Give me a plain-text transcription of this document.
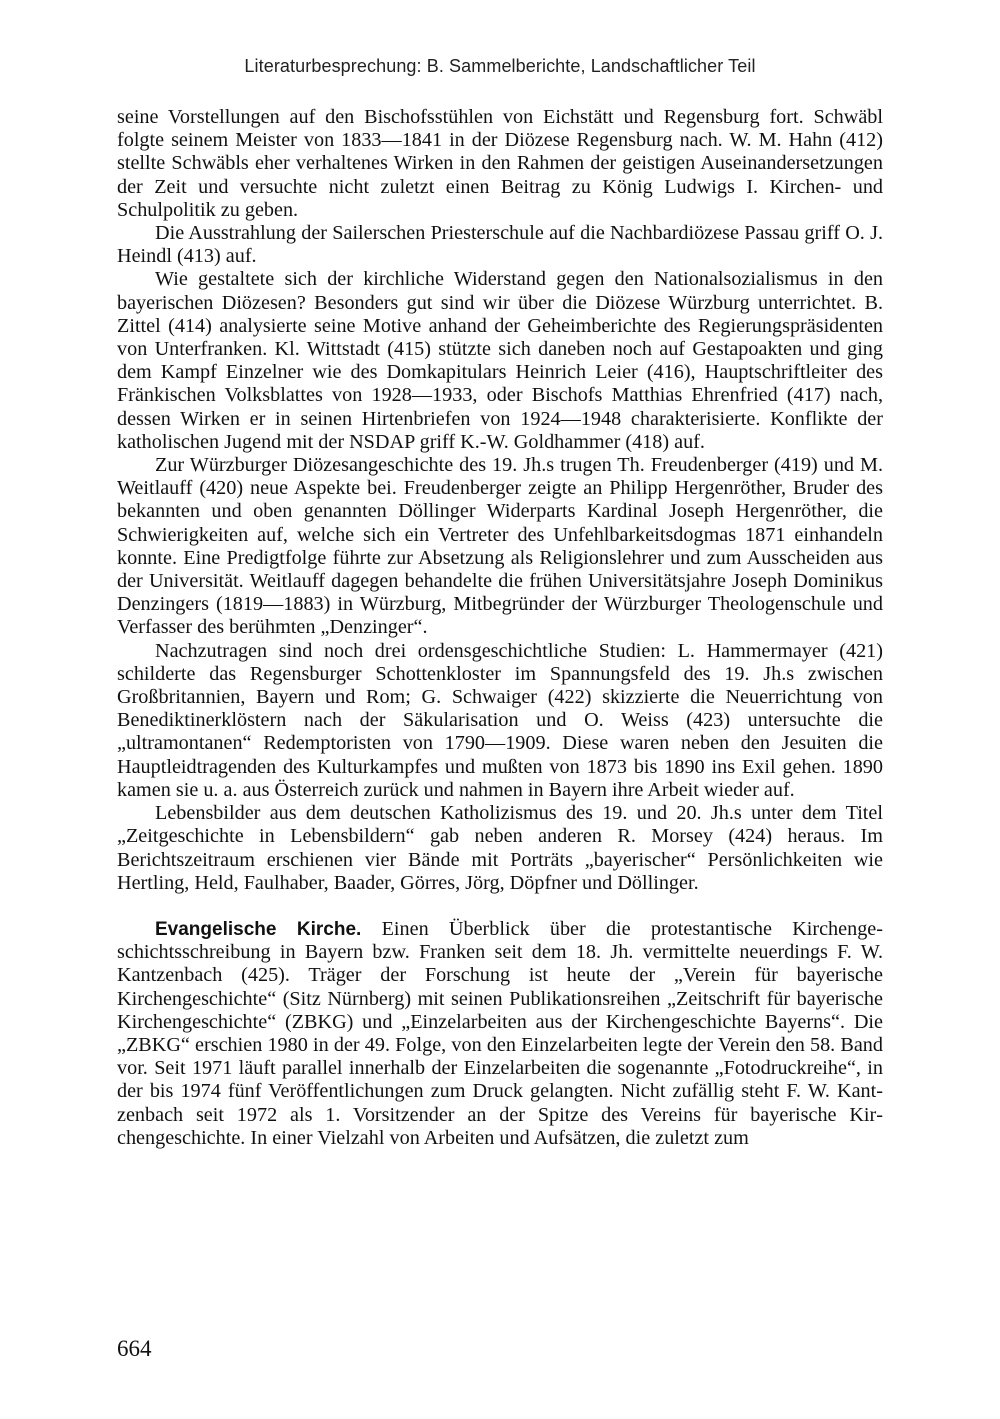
Literaturbesprechung: B. Sammelberichte, Landschaftlicher Teil

seine Vorstellungen auf den Bischofsstühlen von Eichstätt und Regensburg fort. Schwäbl folgte seinem Meister von 1833—1841 in der Diözese Regensburg nach. W. M. Hahn (412) stellte Schwäbls eher verhaltenes Wirken in den Rahmen der geistigen Auseinandersetzungen der Zeit und versuchte nicht zuletzt einen Beitrag zu König Ludwigs I. Kirchen- und Schulpolitik zu geben.

Die Ausstrahlung der Sailerschen Priesterschule auf die Nachbardiözese Passau griff O. J. Heindl (413) auf.

Wie gestaltete sich der kirchliche Widerstand gegen den Nationalsozialismus in den bayerischen Diözesen? Besonders gut sind wir über die Diözese Würzburg unterrichtet. B. Zittel (414) analysierte seine Motive anhand der Geheimberichte des Regierungspräsidenten von Unterfranken. Kl. Wittstadt (415) stützte sich daneben noch auf Gestapoakten und ging dem Kampf Einzelner wie des Domkapitulars Heinrich Leier (416), Hauptschriftleiter des Fränkischen Volksblattes von 1928—1933, oder Bischofs Matthias Ehrenfried (417) nach, dessen Wirken er in seinen Hirtenbriefen von 1924—1948 charakterisierte. Konflikte der katholischen Jugend mit der NSDAP griff K.-W. Goldhammer (418) auf.

Zur Würzburger Diözesangeschichte des 19. Jh.s trugen Th. Freudenberger (419) und M. Weitlauff (420) neue Aspekte bei. Freudenberger zeigte an Philipp Hergenröther, Bruder des bekannten und oben genannten Döllinger Widerparts Kardinal Joseph Hergenröther, die Schwierigkeiten auf, welche sich ein Vertreter des Unfehlbarkeitsdogmas 1871 einhandeln konnte. Eine Predigtfolge führte zur Absetzung als Religionslehrer und zum Ausscheiden aus der Universität. Weitlauff dagegen behandelte die frühen Universitätsjahre Joseph Dominikus Denzingers (1819—1883) in Würzburg, Mitbegründer der Würzburger Theologenschule und Verfasser des berühmten „Denzinger“.

Nachzutragen sind noch drei ordensgeschichtliche Studien: L. Hammermayer (421) schilderte das Regensburger Schottenkloster im Spannungsfeld des 19. Jh.s zwischen Großbritannien, Bayern und Rom; G. Schwaiger (422) skizzierte die Neuerrichtung von Benediktinerklöstern nach der Säkularisation und O. Weiss (423) untersuchte die „ultramontanen“ Redemptoristen von 1790—1909. Diese waren neben den Jesuiten die Hauptleidtragenden des Kulturkampfes und mußten von 1873 bis 1890 ins Exil gehen. 1890 kamen sie u. a. aus Österreich zurück und nahmen in Bayern ihre Arbeit wieder auf.

Lebensbilder aus dem deutschen Katholizismus des 19. und 20. Jh.s unter dem Titel „Zeitgeschichte in Lebensbildern“ gab neben anderen R. Morsey (424) heraus. Im Berichtszeitraum erschienen vier Bände mit Porträts „bayerischer“ Persönlichkeiten wie Hertling, Held, Faulhaber, Baader, Görres, Jörg, Döpfner und Döllinger.

Evangelische Kirche. Einen Überblick über die protestantische Kirchengeschichtsschreibung in Bayern bzw. Franken seit dem 18. Jh. vermittelte neuerdings F. W. Kantzenbach (425). Träger der Forschung ist heute der „Verein für bayerische Kirchengeschichte“ (Sitz Nürnberg) mit seinen Publikationsreihen „Zeitschrift für bayerische Kirchengeschichte“ (ZBKG) und „Einzelarbeiten aus der Kirchengeschichte Bayerns“. Die „ZBKG“ erschien 1980 in der 49. Folge, von den Einzelarbeiten legte der Verein den 58. Band vor. Seit 1971 läuft parallel innerhalb der Einzelarbeiten die sogenannte „Fotodruckreihe“, in der bis 1974 fünf Veröffentlichungen zum Druck gelangten. Nicht zufällig steht F. W. Kantzenbach seit 1972 als 1. Vorsitzender an der Spitze des Vereins für bayerische Kirchengeschichte. In einer Vielzahl von Arbeiten und Aufsätzen, die zuletzt zum

664
